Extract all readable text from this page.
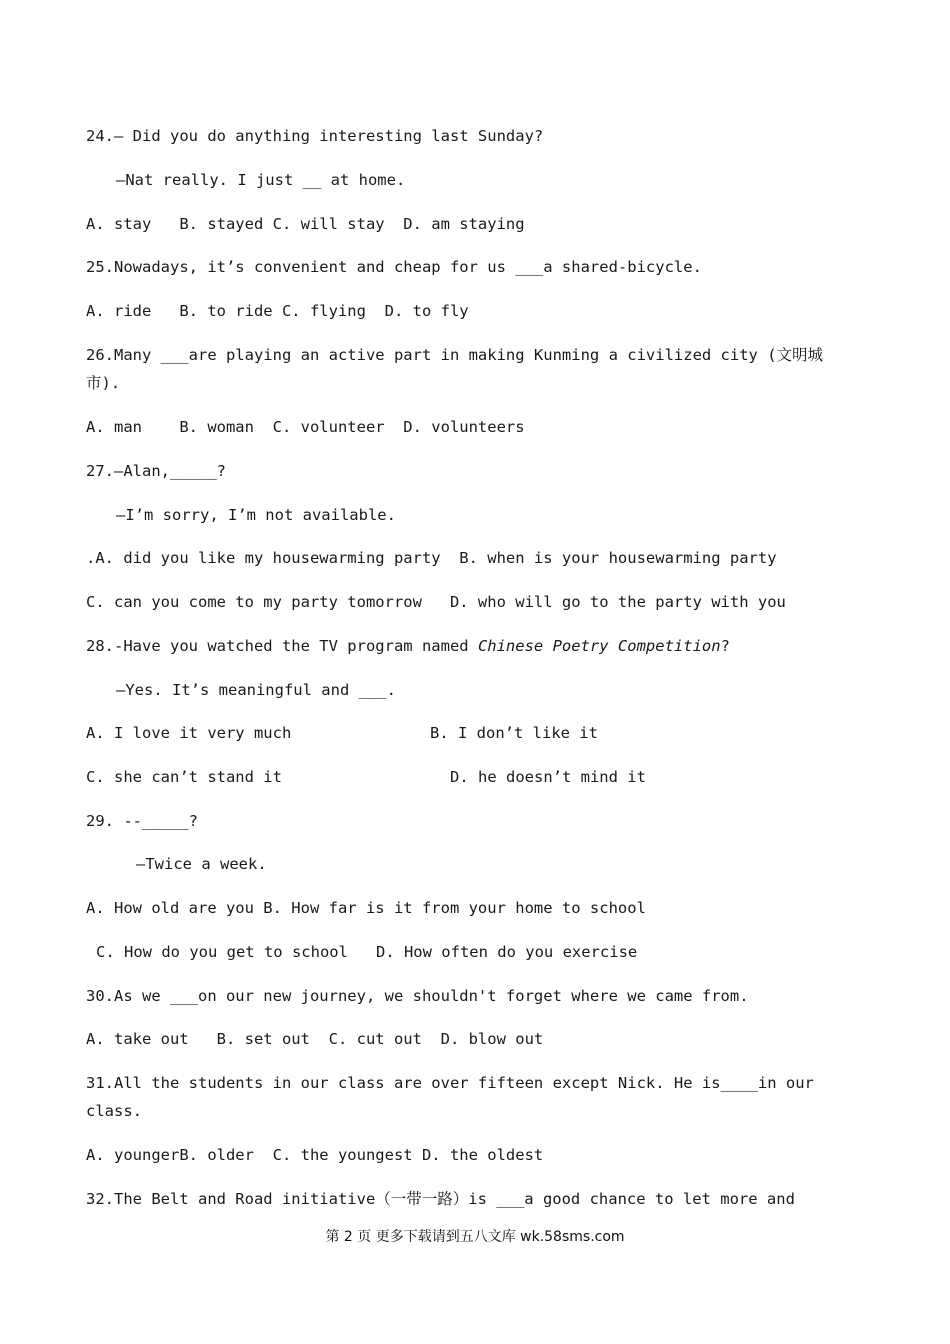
24.— Did you do anything interesting last Sunday?
—Nat really. I just __ at home.
A. stay   B. stayed C. will stay  D. am staying
25.Nowadays, it’s convenient and cheap for us ___a shared-bicycle.
A. ride   B. to ride C. flying  D. to fly
26.Many ___are playing an active part in making Kunming a civilized city (文明城
市).
A. man    B. woman  C. volunteer  D. volunteers
27.—Alan,_____?
—I’m sorry, I’m not available.
.A. did you like my housewarming party  B. when is your housewarming party
C. can you come to my party tomorrow   D. who will go to the party with you
28.-Have you watched the TV program named Chinese Poetry Competition?
—Yes. It’s meaningful and ___.
A. I love it very much	B. I don’t like it
C. she can’t stand it	D. he doesn’t mind it
29. --_____?
—Twice a week.
A. How old are you B. How far is it from your home to school
C. How do you get to school   D. How often do you exercise
30.As we ___on our new journey, we shouldn't forget where we came from.
A. take out   B. set out  C. cut out  D. blow out
31.All the students in our class are over fifteen except Nick. He is____in our
class.
A. youngerB. older  C. the youngest D. the oldest
32.The Belt and Road initiative（一带一路）is ___a good chance to let more and
第 2 页 更多下载请到五八文库 wk.58sms.com
